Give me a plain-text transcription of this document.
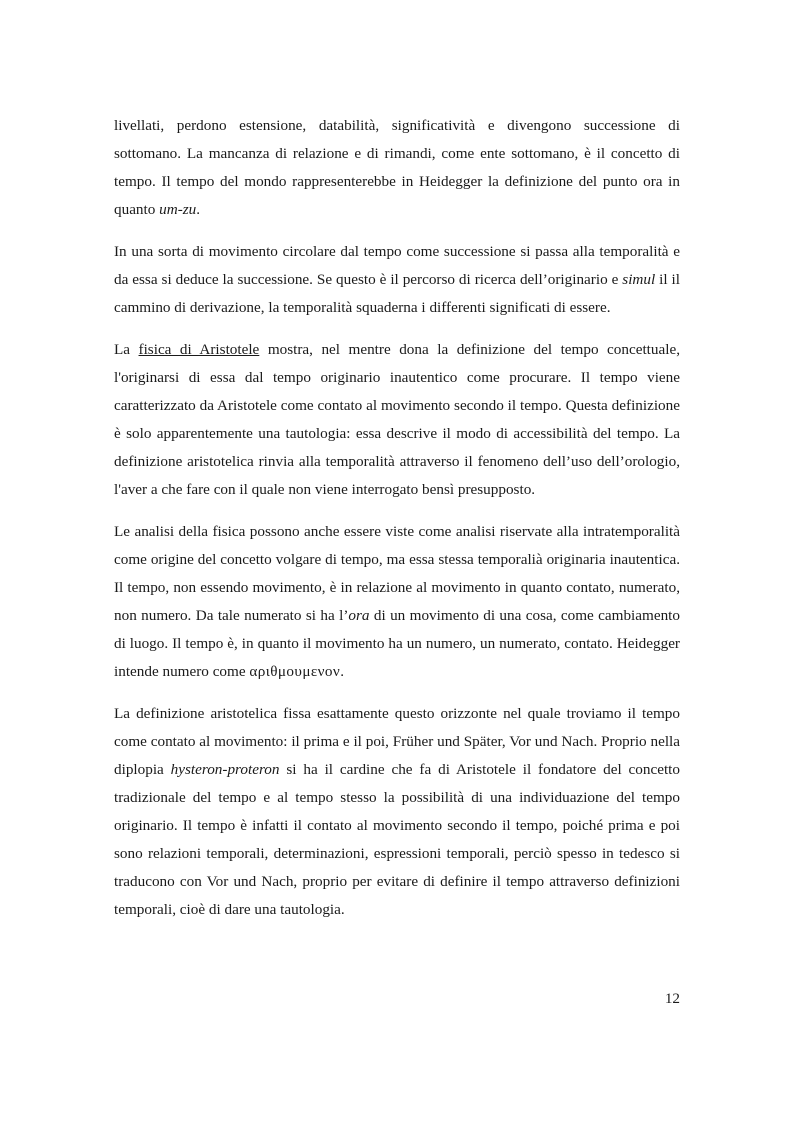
livellati, perdono estensione, databilità, significatività e divengono successione di sottomano. La mancanza di relazione e di rimandi, come ente sottomano, è il concetto di tempo. Il tempo del mondo rappresenterebbe in Heidegger la definizione del punto ora in quanto um-zu.

In una sorta di movimento circolare dal tempo come successione si passa alla temporalità e da essa si deduce la successione. Se questo è il percorso di ricerca dell’originario e simul il il cammino di derivazione, la temporalità squaderna i differenti significati di essere.

La fisica di Aristotele mostra, nel mentre dona la definizione del tempo concettuale, l'originarsi di essa dal tempo originario inautentico come procurare. Il tempo viene caratterizzato da Aristotele come contato al movimento secondo il tempo. Questa definizione è solo apparentemente una tautologia: essa descrive il modo di accessibilità del tempo. La definizione aristotelica rinvia alla temporalità attraverso il fenomeno dell’uso dell’orologio, l'aver a che fare con il quale non viene interrogato bensì presupposto.

Le analisi della fisica possono anche essere viste come analisi riservate alla intratemporalità come origine del concetto volgare di tempo, ma essa stessa temporalià originaria inautentica. Il tempo, non essendo movimento, è in relazione al movimento in quanto contato, numerato, non numero. Da tale numerato si ha l’ora di un movimento di una cosa, come cambiamento di luogo. Il tempo è, in quanto il movimento ha un numero, un numerato, contato. Heidegger intende numero come αριθμουμενον.

La definizione aristotelica fissa esattamente questo orizzonte nel quale troviamo il tempo come contato al movimento: il prima e il poi, Früher und Später, Vor und Nach. Proprio nella diplopia hysteron-proteron si ha il cardine che fa di Aristotele il fondatore del concetto tradizionale del tempo e al tempo stesso la possibilità di una individuazione del tempo originario. Il tempo è infatti il contato al movimento secondo il tempo, poiché prima e poi sono relazioni temporali, determinazioni, espressioni temporali, perciò spesso in tedesco si traducono con Vor und Nach, proprio per evitare di definire il tempo attraverso definizioni temporali, cioè di dare una tautologia.

12
